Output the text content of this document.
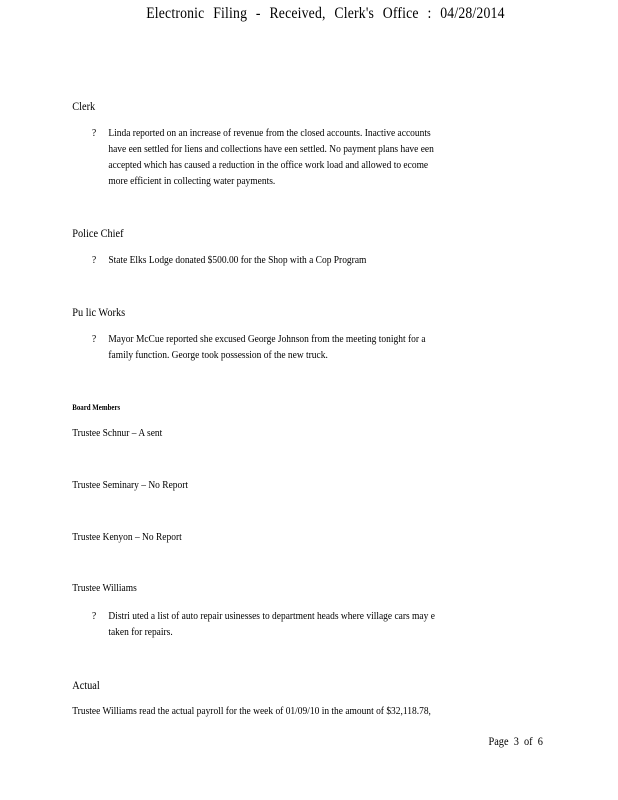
Electronic Filing - Received, Clerk's Office : 04/28/2014
Clerk
? Linda reported on an increase of revenue from the closed accounts. Inactive accounts
have een settled for liens and collections have een settled. No payment plans have een
accepted which has caused a reduction in the office work load and allowed to ecome
more efficient in collecting water payments.
Police Chief
? State Elks Lodge donated $500.00 for the Shop with a Cop Program
Pu lic Works
? Mayor McCue reported she excused George Johnson from the meeting tonight for a
family function. George took possession of the new truck.
Board Members
Trustee Schnur – A sent
Trustee Seminary – No Report
Trustee Kenyon – No Report
Trustee Williams
? Distri uted a list of auto repair usinesses to department heads where village cars may e
taken for repairs.
Actual
Trustee Williams read the actual payroll for the week of 01/09/10 in the amount of $32,118.78,
Page 3 of 6
